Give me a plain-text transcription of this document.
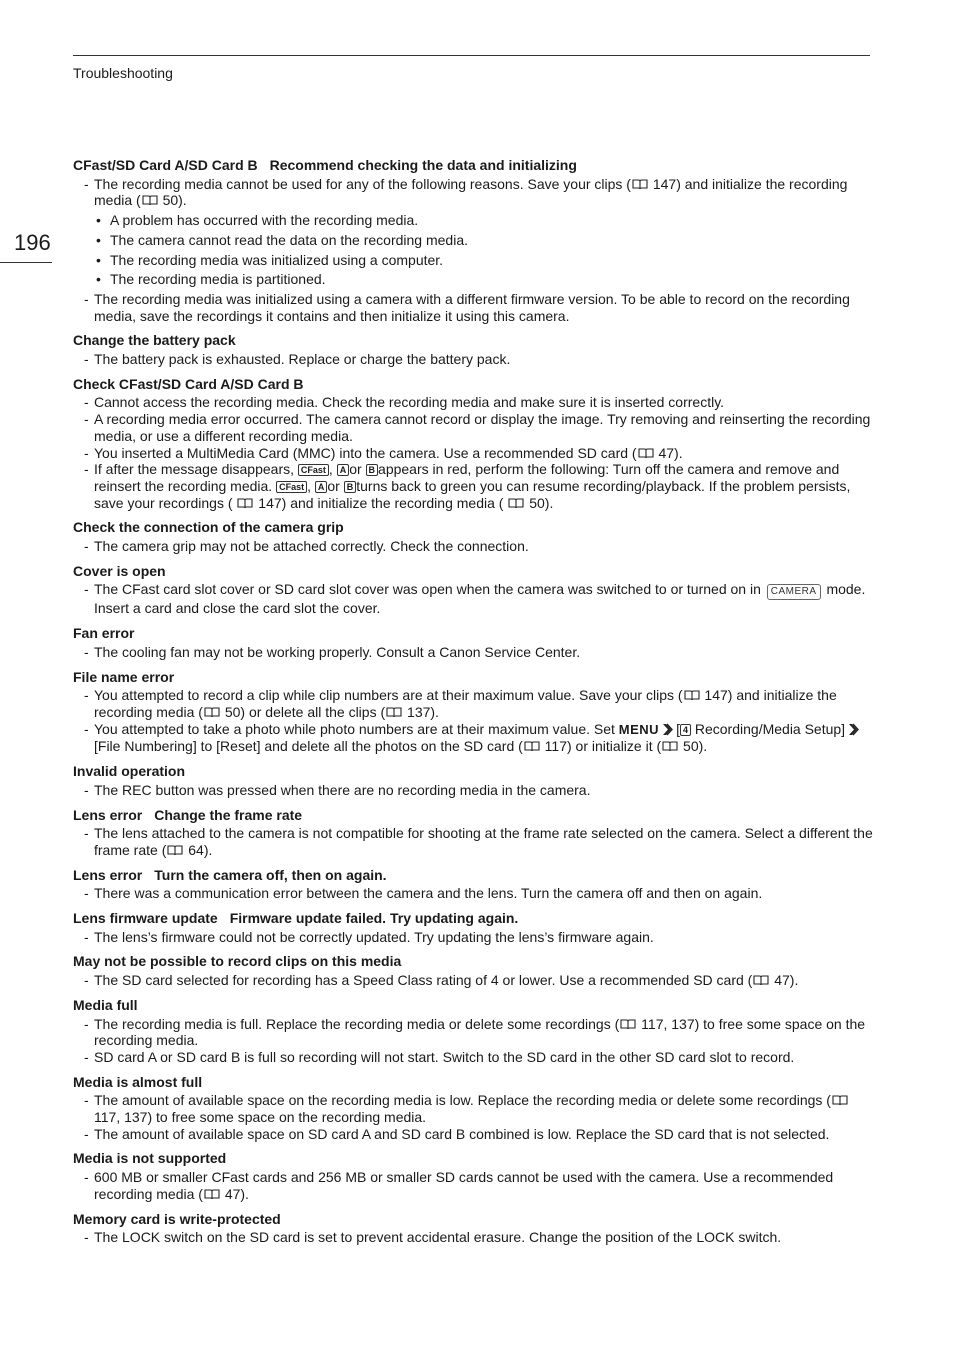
Troubleshooting
196
CFast/SD Card A/SD Card B Recommend checking the data and initializing
- The recording media cannot be used for any of the following reasons. Save your clips ( 147) and initialize the recording media ( 50).
• A problem has occurred with the recording media.
• The camera cannot read the data on the recording media.
• The recording media was initialized using a computer.
• The recording media is partitioned.
- The recording media was initialized using a camera with a different firmware version. To be able to record on the recording media, save the recordings it contains and then initialize it using this camera.
Change the battery pack
- The battery pack is exhausted. Replace or charge the battery pack.
Check CFast/SD Card A/SD Card B
- Cannot access the recording media. Check the recording media and make sure it is inserted correctly.
- A recording media error occurred. The camera cannot record or display the image. Try removing and reinserting the recording media, or use a different recording media.
- You inserted a MultiMedia Card (MMC) into the camera. Use a recommended SD card ( 47).
- If after the message disappears, CFast , A or B appears in red, perform the following: Turn off the camera and remove and reinsert the recording media. CFast , A or B turns back to green you can resume recording/playback. If the problem persists, save your recordings (  147) and initialize the recording media (  50).
Check the connection of the camera grip
- The camera grip may not be attached correctly. Check the connection.
Cover is open
- The CFast card slot cover or SD card slot cover was open when the camera was switched to or turned on in CAMERA mode. Insert a card and close the card slot the cover.
Fan error
- The cooling fan may not be working properly. Consult a Canon Service Center.
File name error
- You attempted to record a clip while clip numbers are at their maximum value. Save your clips ( 147) and initialize the recording media ( 50) or delete all the clips ( 137).
- You attempted to take a photo while photo numbers are at their maximum value. Set MENU [ 4 Recording/Media Setup][File Numbering] to [Reset] and delete all the photos on the SD card ( 117) or initialize it ( 50).
Invalid operation
- The REC button was pressed when there are no recording media in the camera.
Lens error Change the frame rate
- The lens attached to the camera is not compatible for shooting at the frame rate selected on the camera. Select a different the frame rate ( 64).
Lens error Turn the camera off, then on again.
- There was a communication error between the camera and the lens. Turn the camera off and then on again.
Lens firmware update Firmware update failed. Try updating again.
- The lens’s firmware could not be correctly updated. Try updating the lens’s firmware again.
May not be possible to record clips on this media
- The SD card selected for recording has a Speed Class rating of 4 or lower. Use a recommended SD card ( 47).
Media full
- The recording media is full. Replace the recording media or delete some recordings ( 117, 137) to free some space on the recording media.
- SD card A or SD card B is full so recording will not start. Switch to the SD card in the other SD card slot to record.
Media is almost full
- The amount of available space on the recording media is low. Replace the recording media or delete some recordings ( 117, 137) to free some space on the recording media.
- The amount of available space on SD card A and SD card B combined is low. Replace the SD card that is not selected.
Media is not supported
- 600 MB or smaller CFast cards and 256 MB or smaller SD cards cannot be used with the camera. Use a recommended recording media ( 47).
Memory card is write-protected
- The LOCK switch on the SD card is set to prevent accidental erasure. Change the position of the LOCK switch.
